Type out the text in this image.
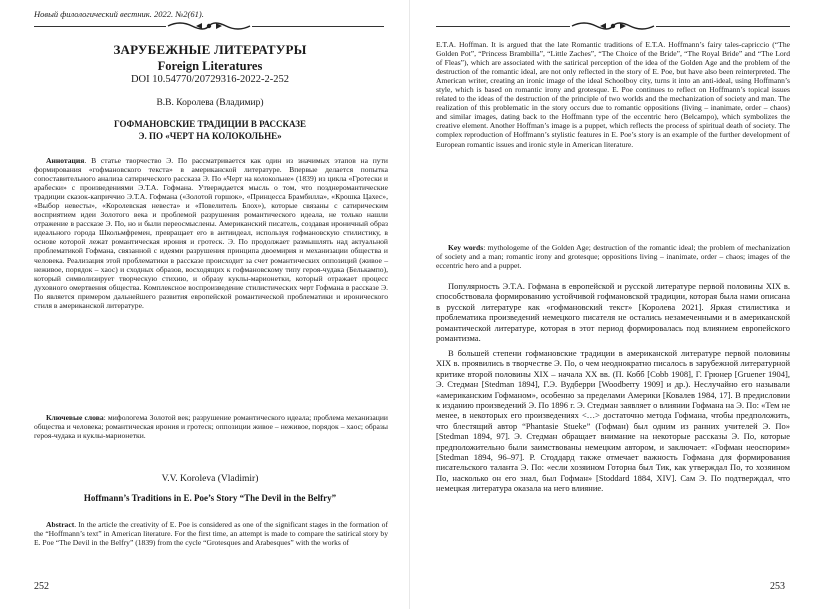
Новый филологический вестник. 2022. №2(61).
ЗАРУБЕЖНЫЕ ЛИТЕРАТУРЫ
Foreign Literatures
DOI 10.54770/20729316-2022-2-252
В.В. Королева (Владимир)
ГОФМАНОВСКИЕ ТРАДИЦИИ В РАССКАЗЕ
Э. ПО «ЧЕРТ НА КОЛОКОЛЬНЕ»
Аннотация. В статье творчество Э. По рассматривается как один из значимых этапов на пути формирования «гофмановского текста» в американской литературе. Впервые делается попытка сопоставительного анализа сатирического рассказа Э. По «Черт на колокольне» (1839) из цикла «Гротески и арабески» с произведениями Э.Т.А. Гофмана. Утверждается мысль о том, что позднеромантические традиции сказок-каприччио Э.Т.А. Гофмана («Золотой горшок», «Принцесса Брамбилла», «Крошка Цахес», «Выбор невесты», «Королевская невеста» и «Повелитель Блох»), которые связаны с сатирическим восприятием идеи Золотого века и проблемой разрушения романтического идеала, не только нашли отражение в рассказе Э. По, но и были переосмыслены. Американский писатель, создавая ироничный образ идеального города Школьмфремен, превращает его в антиидеал, используя гофмановскую стилистику, в основе которой лежат романтическая ирония и гротеск. Э. По продолжает размышлять над актуальной проблематикой Гофмана, связанной с идеями разрушения принципа двоемирия и механизации общества и человека. Реализация этой проблематики в рассказе происходит за счет романтических оппозиций (живое – неживое, порядок – хаос) и сходных образов, восходящих к гофмановскому типу героя-чудака (Белькампо), который символизирует творческую стихию, и образу куклы-марионетки, который отражает процесс духовного омертвения общества. Комплексное воспроизведение стилистических черт Гофмана в рассказе Э. По является примером дальнейшего развития европейской романтической проблематики и иронического стиля в американской литературе.
Ключевые слова: мифологема Золотой век; разрушение романтического идеала; проблема механизации общества и человека; романтическая ирония и гротеск; оппозиции живое – неживое, порядок – хаос; образы героя-чудака и куклы-марионетки.
V.V. Koroleva (Vladimir)
Hoffmann’s Traditions in E. Poe’s Story “The Devil in the Belfry”
Abstract. In the article the creativity of E. Poe is considered as one of the significant stages in the formation of the “Hoffmann’s text” in American literature. For the first time, an attempt is made to compare the satirical story by E. Poe “The Devil in the Belfry” (1839) from the cycle “Grotesques and Arabesques” with the works of
252
E.T.A. Hoffman. It is argued that the late Romantic traditions of E.T.A. Hoffmann’s fairy tales-capriccio (“The Golden Pot”, “Princess Brambilla”, “Little Zaches”, “The Choice of the Bride”, “The Royal Bride” and “The Lord of Fleas”), which are associated with the satirical perception of the idea of the Golden Age and the problem of the destruction of the romantic ideal, are not only reflected in the story of E. Poe, but have also been reinterpreted. The American writer, creating an ironic image of the ideal Schoolboy city, turns it into an anti-ideal, using Hoffmann’s style, which is based on romantic irony and grotesque. E. Poe continues to reflect on Hoffmann’s topical issues related to the ideas of the destruction of the principle of two worlds and the mechanization of society and man. The realization of this problematic in the story occurs due to romantic oppositions (living – inanimate, order – chaos) and similar images, dating back to the Hoffmann type of the eccentric hero (Belcampo), which symbolizes the creative element. Another Hoffman’s image is a puppet, which reflects the process of spiritual death of society. The complex reproduction of Hoffmann’s stylistic features in E. Poe’s story is an example of the further development of European romantic issues and ironic style in American literature.
Key words: mythologeme of the Golden Age; destruction of the romantic ideal; the problem of mechanization of society and a man; romantic irony and grotesque; oppositions living – inanimate, order – chaos; images of the eccentric hero and a puppet.
Популярность Э.Т.А. Гофмана в европейской и русской литературе первой половины XIX в. способствовала формированию устойчивой гофмановской традиции, которая была нами описана в русской литературе как «гофмановский текст» [Королева 2021]. Яркая стилистика и проблематика произведений немецкого писателя не остались незамеченными и в американской романтической литературе, которая в этот период формировалась под влиянием европейского романтизма.
В большей степени гофмановские традиции в американской литературе первой половины XIX в. проявились в творчестве Э. По, о чем неоднократно писалось в зарубежной литературной критике второй половины XIX – начала XX вв. (П. Кобб [Cobb 1908], Г. Грюнер [Gruener 1904], Э. Стедман [Stedman 1894], Г.Э. Вудберри [Woodberry 1909] и др.). Неслучайно его называли «американским Гофманом», особенно за пределами Америки [Ковалев 1984, 17]. В предисловии к изданию произведений Э. По 1896 г. Э. Стедман заявляет о влиянии Гофмана на Э. По: «Тем не менее, в некоторых его произведениях <…> достаточно метода Гофмана, чтобы предположить, что блестящий автор “Phantasie Stueke” (Гофман) был одним из ранних учителей Э. По» [Stedman 1894, 97]. Э. Стедман обращает внимание на некоторые рассказы Э. По, которые предположительно были заимствованы немецким автором, и заключает: «Гофман неоспорим» [Stedman 1894, 96–97]. Р. Стоддард также отмечает важность Гофмана для формирования писательского таланта Э. По: «если хозяином Готорна был Тик, как утверждал По, то хозяином По, насколько он его знал, был Гофман» [Stoddard 1884, XIV]. Сам Э. По подтверждал, что немецкая литература оказала на него влияние.
253
